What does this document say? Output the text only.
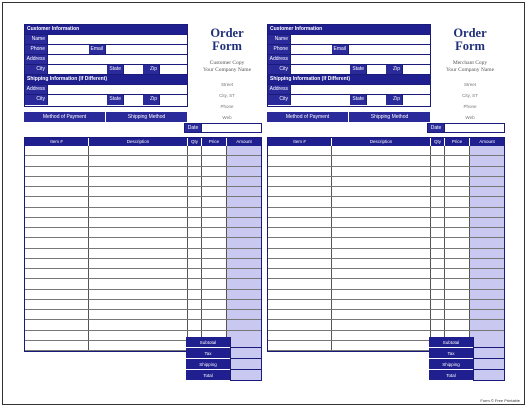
Customer Information
Name
Phone	Email
Address
City	State	Zip
Shipping Information (If Different)
Address
City	State	Zip
Order
Form
Customer Copy
Your Company Name
Street
City, ST
Phone
Web
Method of Payment	Shipping Method
Date
Item #	Description	Qty	Price	Amount
Subtotal
Tax
Shipping
Total
Customer Information
Name
Phone	Email
Address
City	State	Zip
Shipping Information (If Different)
Address
City	State	Zip
Order
Form
Merchant Copy
Your Company Name
Street
City, ST
Phone
Web
Method of Payment	Shipping Method
Date
Item #	Description	Qty	Price	Amount
Subtotal
Tax
Shipping
Total
Form © Free Printable
